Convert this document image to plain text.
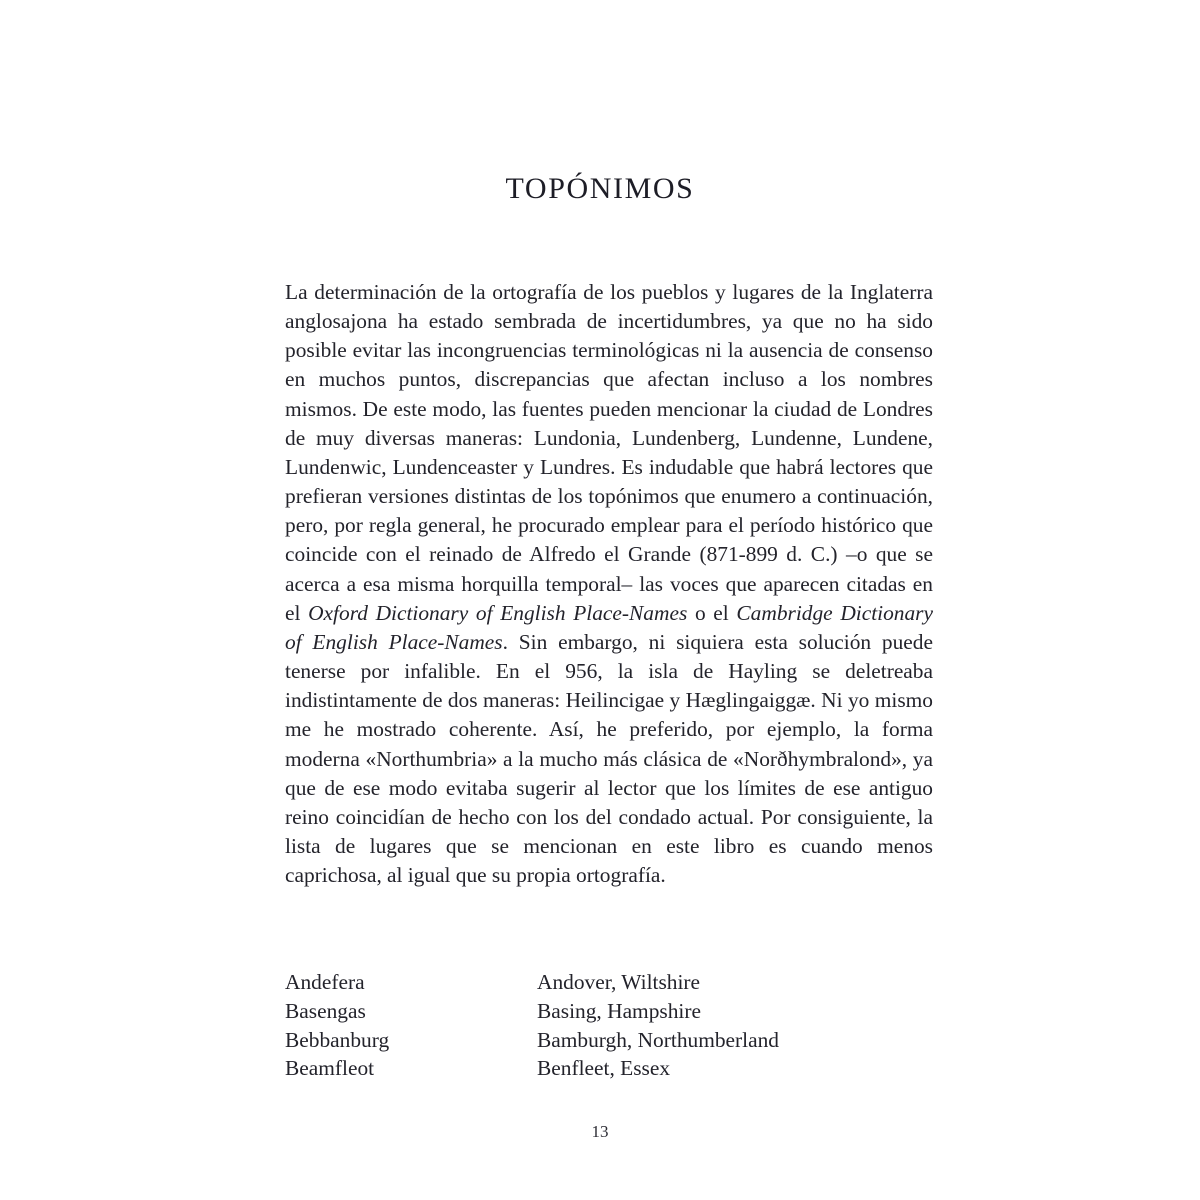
TOPÓNIMOS

La determinación de la ortografía de los pueblos y lugares de la Inglaterra anglosajona ha estado sembrada de incertidumbres, ya que no ha sido posible evitar las incongruencias terminológicas ni la ausencia de consenso en muchos puntos, discrepancias que afectan incluso a los nombres mismos. De este modo, las fuentes pueden mencionar la ciudad de Londres de muy diversas maneras: Lundonia, Lundenberg, Lundenne, Lundene, Lundenwic, Lundenceaster y Lundres. Es indudable que habrá lectores que prefieran versiones distintas de los topónimos que enumero a continuación, pero, por regla general, he procurado emplear para el período histórico que coincide con el reinado de Alfredo el Grande (871-899 d. C.) –o que se acerca a esa misma horquilla temporal– las voces que aparecen citadas en el Oxford Dictionary of English Place-Names o el Cambridge Dictionary of English Place-Names. Sin embargo, ni siquiera esta solución puede tenerse por infalible. En el 956, la isla de Hayling se deletreaba indistintamente de dos maneras: Heilincigae y Hæglingaiggæ. Ni yo mismo me he mostrado coherente. Así, he preferido, por ejemplo, la forma moderna «Northumbria» a la mucho más clásica de «Norðhymbralond», ya que de ese modo evitaba sugerir al lector que los límites de ese antiguo reino coincidían de hecho con los del condado actual. Por consiguiente, la lista de lugares que se mencionan en este libro es cuando menos caprichosa, al igual que su propia ortografía.

Andefera	Andover, Wiltshire
Basengas	Basing, Hampshire
Bebbanburg	Bamburgh, Northumberland
Beamfleot	Benfleet, Essex
13
